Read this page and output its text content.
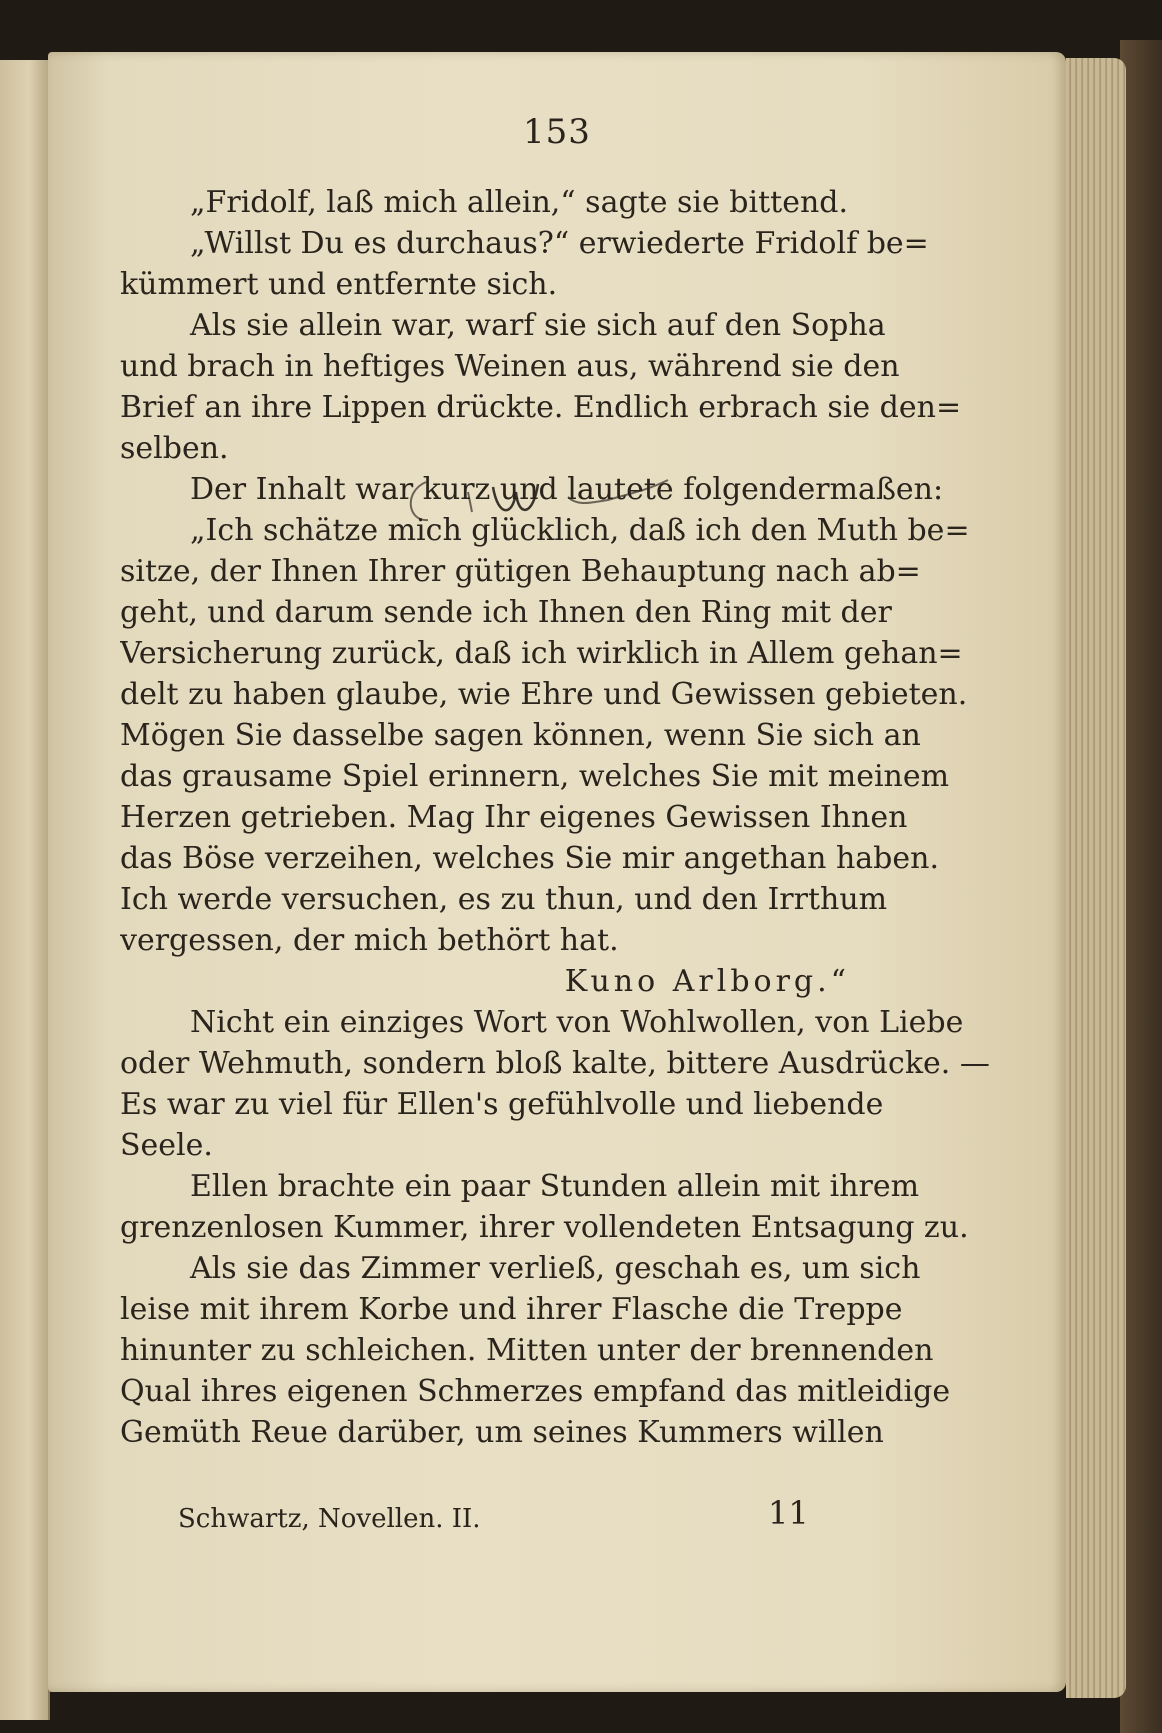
153
„Fridolf, laß mich allein,“ sagte sie bittend.
„Willst Du es durchaus?“ erwiederte Fridolf be=
kümmert und entfernte sich.
Als sie allein war, warf sie sich auf den Sopha
und brach in heftiges Weinen aus, während sie den
Brief an ihre Lippen drückte. Endlich erbrach sie den=
selben.
Der Inhalt war kurz und lautete folgendermaßen:
„Ich schätze mich glücklich, daß ich den Muth be=
sitze, der Ihnen Ihrer gütigen Behauptung nach ab=
geht, und darum sende ich Ihnen den Ring mit der
Versicherung zurück, daß ich wirklich in Allem gehan=
delt zu haben glaube, wie Ehre und Gewissen gebieten.
Mögen Sie dasselbe sagen können, wenn Sie sich an
das grausame Spiel erinnern, welches Sie mit meinem
Herzen getrieben. Mag Ihr eigenes Gewissen Ihnen
das Böse verzeihen, welches Sie mir angethan haben.
Ich werde versuchen, es zu thun, und den Irrthum
vergessen, der mich bethört hat.
Kuno Arlborg.“
Nicht ein einziges Wort von Wohlwollen, von Liebe
oder Wehmuth, sondern bloß kalte, bittere Ausdrücke. —
Es war zu viel für Ellen's gefühlvolle und liebende
Seele.
Ellen brachte ein paar Stunden allein mit ihrem
grenzenlosen Kummer, ihrer vollendeten Entsagung zu.
Als sie das Zimmer verließ, geschah es, um sich
leise mit ihrem Korbe und ihrer Flasche die Treppe
hinunter zu schleichen. Mitten unter der brennenden
Qual ihres eigenen Schmerzes empfand das mitleidige
Gemüth Reue darüber, um seines Kummers willen
Schwartz, Novellen. II.	11
